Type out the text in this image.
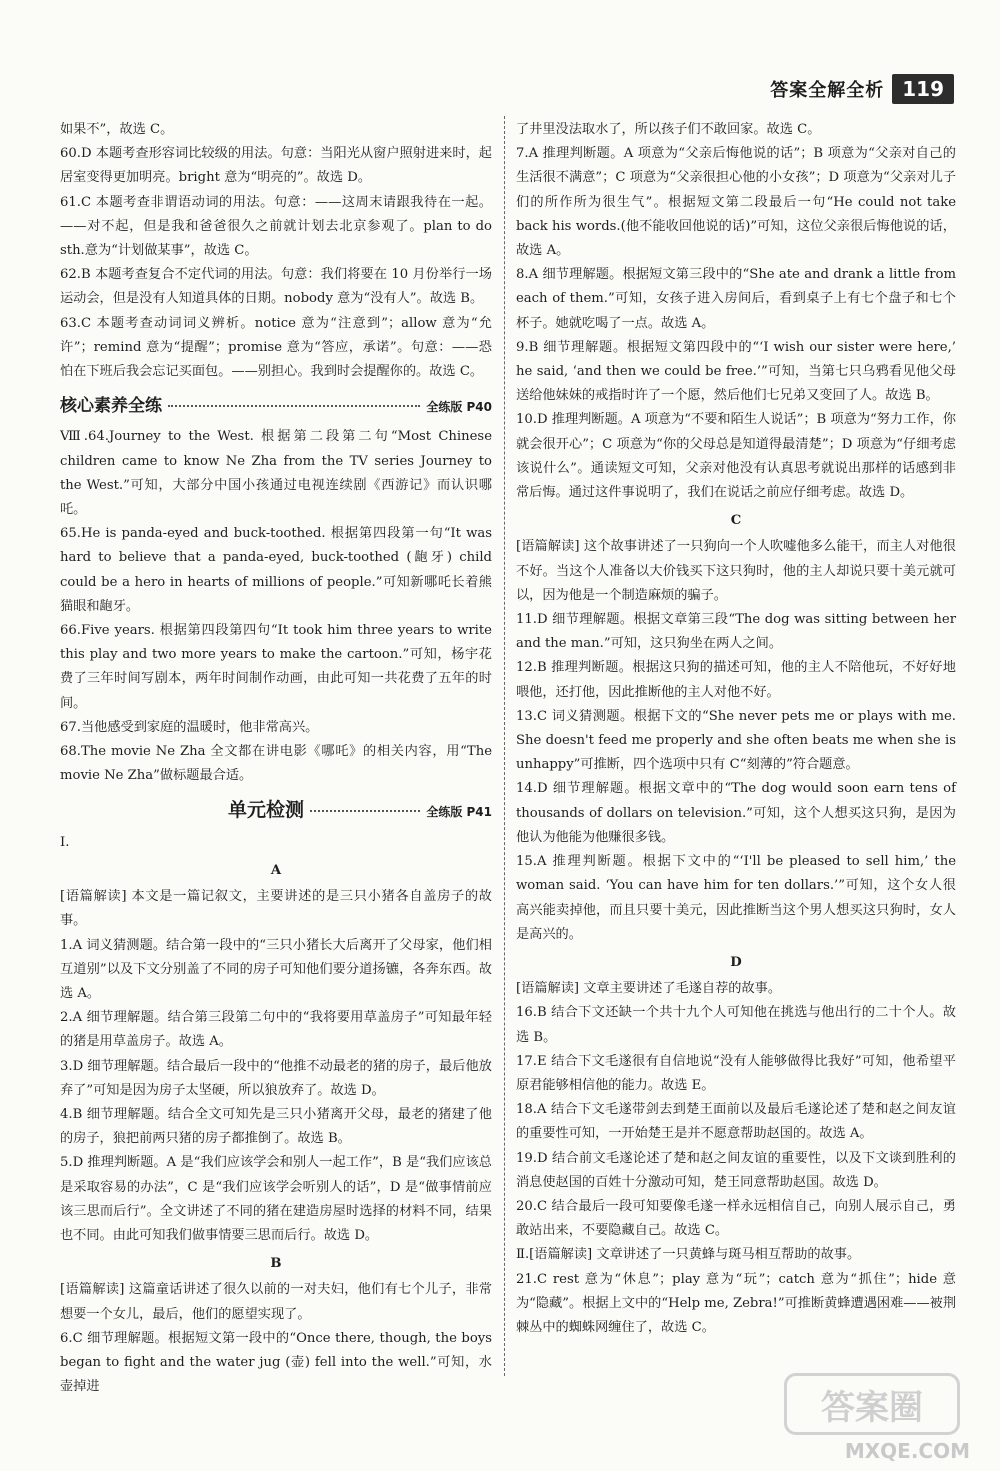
答案全解全析 119

如果不”，故选 C。

60.D 本题考查形容词比较级的用法。句意：当阳光从窗户照射进来时，起居室变得更加明亮。bright 意为“明亮的”。故选 D。

61.C 本题考查非谓语动词的用法。句意：——这周末请跟我待在一起。——对不起，但是我和爸爸很久之前就计划去北京参观了。plan to do sth.意为“计划做某事”，故选 C。

62.B 本题考查复合不定代词的用法。句意：我们将要在 10 月份举行一场运动会，但是没有人知道具体的日期。nobody 意为“没有人”。故选 B。

63.C 本题考查动词词义辨析。notice 意为“注意到”；allow 意为“允许”；remind 意为“提醒”；promise 意为“答应，承诺”。句意：——恐怕在下班后我会忘记买面包。——别担心。我到时会提醒你的。故选 C。

核心素养全练	全练版 P40

Ⅷ.64.Journey to the West. 根据第二段第二句“Most Chinese children came to know Ne Zha from the TV series Journey to the West.”可知，大部分中国小孩通过电视连续剧《西游记》而认识哪吒。

65.He is panda-eyed and buck-toothed. 根据第四段第一句“It was hard to believe that a panda-eyed, buck-toothed (龅牙) child could be a hero in hearts of millions of people.”可知新哪吒长着熊猫眼和龅牙。

66.Five years. 根据第四段第四句“It took him three years to write this play and two more years to make the cartoon.”可知，杨宇花费了三年时间写剧本，两年时间制作动画，由此可知一共花费了五年的时间。

67.当他感受到家庭的温暖时，他非常高兴。

68.The movie Ne Zha 全文都在讲电影《哪吒》的相关内容，用“The movie Ne Zha”做标题最合适。

单元检测	全练版 P41

Ⅰ.

A

[语篇解读] 本文是一篇记叙文，主要讲述的是三只小猪各自盖房子的故事。

1.A 词义猜测题。结合第一段中的“三只小猪长大后离开了父母家，他们相互道别”以及下文分别盖了不同的房子可知他们要分道扬镳，各奔东西。故选 A。

2.A 细节理解题。结合第三段第二句中的“我将要用草盖房子”可知最年轻的猪是用草盖房子。故选 A。

3.D 细节理解题。结合最后一段中的“他推不动最老的猪的房子，最后他放弃了”可知是因为房子太坚硬，所以狼放弃了。故选 D。

4.B 细节理解题。结合全文可知先是三只小猪离开父母，最老的猪建了他的房子，狼把前两只猪的房子都推倒了。故选 B。

5.D 推理判断题。A 是“我们应该学会和别人一起工作”，B 是“我们应该总是采取容易的办法”，C 是“我们应该学会听别人的话”，D 是“做事情前应该三思而后行”。全文讲述了不同的猪在建造房屋时选择的材料不同，结果也不同。由此可知我们做事情要三思而后行。故选 D。

B

[语篇解读] 这篇童话讲述了很久以前的一对夫妇，他们有七个儿子，非常想要一个女儿，最后，他们的愿望实现了。

6.C 细节理解题。根据短文第一段中的“Once there, though, the boys began to fight and the water jug (壶) fell into the well.”可知，水壶掉进

了井里没法取水了，所以孩子们不敢回家。故选 C。

7.A 推理判断题。A 项意为“父亲后悔他说的话”；B 项意为“父亲对自己的生活很不满意”；C 项意为“父亲很担心他的小女孩”；D 项意为“父亲对儿子们的所作所为很生气”。根据短文第二段最后一句“He could not take back his words.(他不能收回他说的话)”可知，这位父亲很后悔他说的话，故选 A。

8.A 细节理解题。根据短文第三段中的“She ate and drank a little from each of them.”可知，女孩子进入房间后，看到桌子上有七个盘子和七个杯子。她就吃喝了一点。故选 A。

9.B 细节理解题。根据短文第四段中的“‘I wish our sister were here,’ he said, ‘and then we could be free.’”可知，当第七只乌鸦看见他父母送给他妹妹的戒指时许了一个愿，然后他们七兄弟又变回了人。故选 B。

10.D 推理判断题。A 项意为“不要和陌生人说话”；B 项意为“努力工作，你就会很开心”；C 项意为“你的父母总是知道得最清楚”；D 项意为“仔细考虑该说什么”。通读短文可知，父亲对他没有认真思考就说出那样的话感到非常后悔。通过这件事说明了，我们在说话之前应仔细考虑。故选 D。

C

[语篇解读] 这个故事讲述了一只狗向一个人吹嘘他多么能干，而主人对他很不好。当这个人准备以大价钱买下这只狗时，他的主人却说只要十美元就可以，因为他是一个制造麻烦的骗子。

11.D 细节理解题。根据文章第三段“The dog was sitting between her and the man.”可知，这只狗坐在两人之间。

12.B 推理判断题。根据这只狗的描述可知，他的主人不陪他玩，不好好地喂他，还打他，因此推断他的主人对他不好。

13.C 词义猜测题。根据下文的“She never pets me or plays with me. She doesn't feed me properly and she often beats me when she is unhappy”可推断，四个选项中只有 C“刻薄的”符合题意。

14.D 细节理解题。根据文章中的“The dog would soon earn tens of thousands of dollars on television.”可知，这个人想买这只狗，是因为他认为他能为他赚很多钱。

15.A 推理判断题。根据下文中的“‘I'll be pleased to sell him,’ the woman said. ‘You can have him for ten dollars.’”可知，这个女人很高兴能卖掉他，而且只要十美元，因此推断当这个男人想买这只狗时，女人是高兴的。

D

[语篇解读] 文章主要讲述了毛遂自荐的故事。

16.B 结合下文还缺一个共十九个人可知他在挑选与他出行的二十个人。故选 B。

17.E 结合下文毛遂很有自信地说“没有人能够做得比我好”可知，他希望平原君能够相信他的能力。故选 E。

18.A 结合下文毛遂带剑去到楚王面前以及最后毛遂论述了楚和赵之间友谊的重要性可知，一开始楚王是并不愿意帮助赵国的。故选 A。

19.D 结合前文毛遂论述了楚和赵之间友谊的重要性，以及下文谈到胜利的消息使赵国的百姓十分激动可知，楚王同意帮助赵国。故选 D。

20.C 结合最后一段可知要像毛遂一样永远相信自己，向别人展示自己，勇敢站出来，不要隐藏自己。故选 C。

Ⅱ.[语篇解读] 文章讲述了一只黄蜂与斑马相互帮助的故事。

21.C rest 意为“休息”；play 意为“玩”；catch 意为“抓住”；hide 意为“隐藏”。根据上文中的“Help me, Zebra!”可推断黄蜂遭遇困难——被荆棘丛中的蜘蛛网缠住了，故选 C。

答案圈
MXQE.COM
